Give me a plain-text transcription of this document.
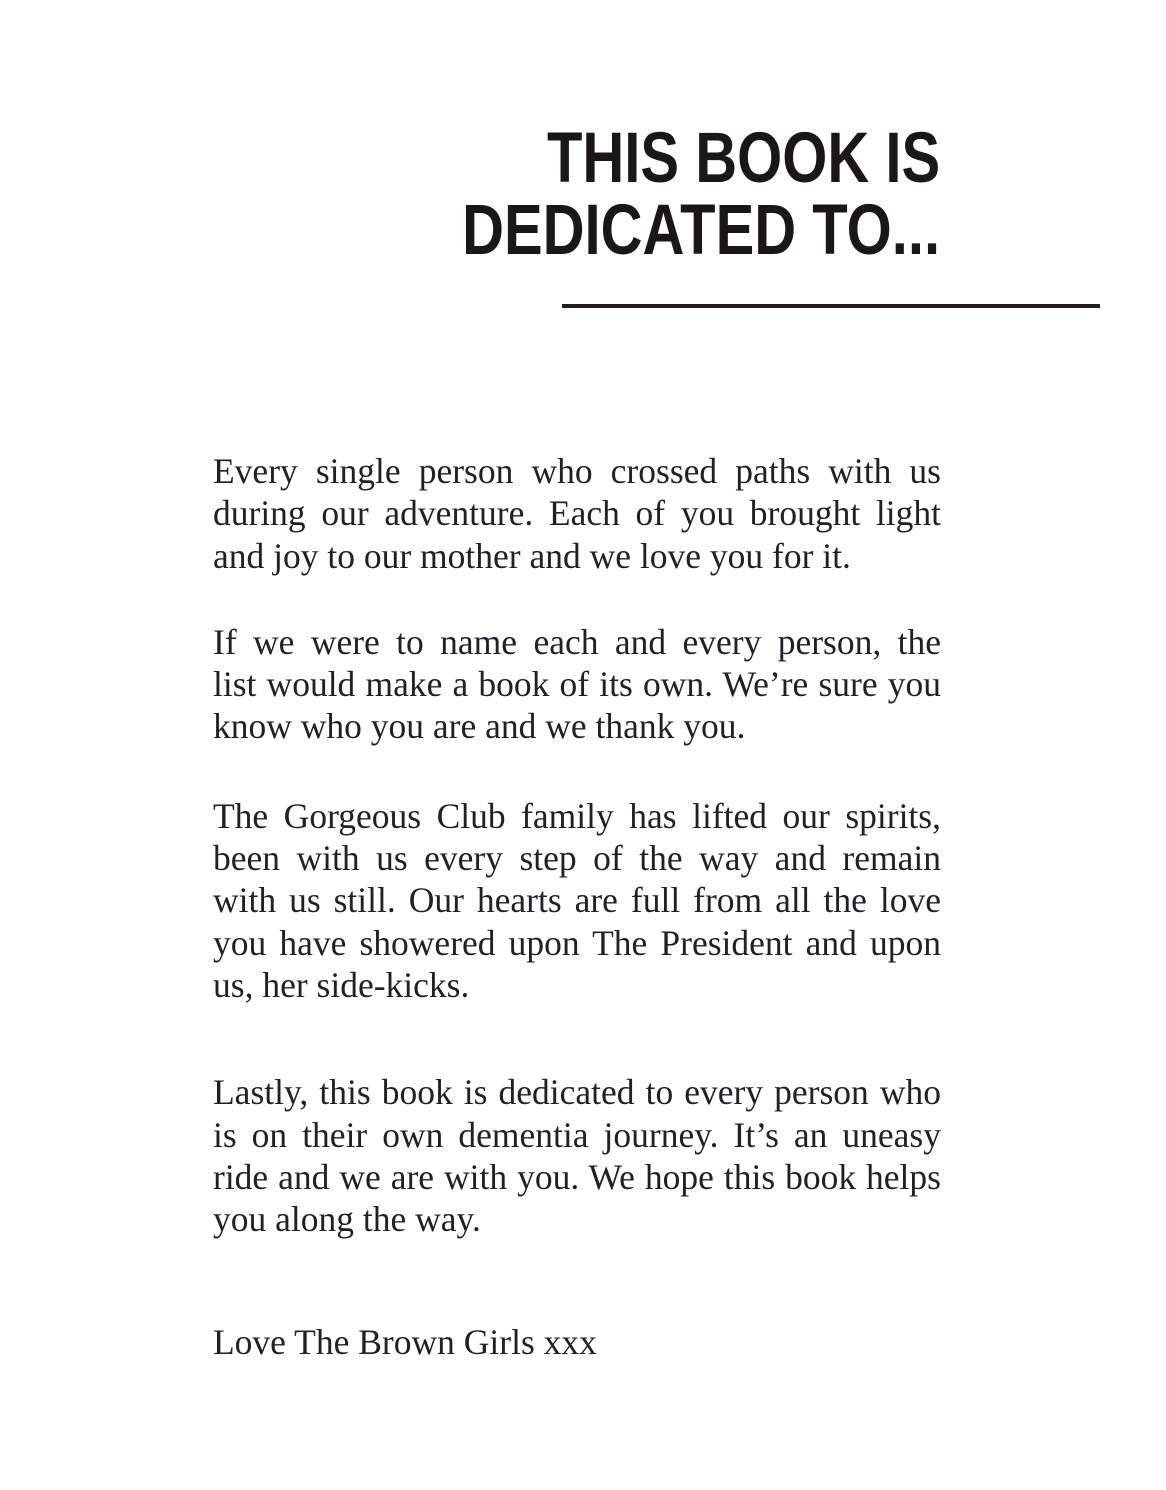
THIS BOOK IS
DEDICATED TO...
Every single person who crossed paths with us
during our adventure. Each of you brought light
and joy to our mother and we love you for it.
If we were to name each and every person, the
list would make a book of its own. We’re sure you
know who you are and we thank you.
The Gorgeous Club family has lifted our spirits,
been with us every step of the way and remain
with us still. Our hearts are full from all the love
you have showered upon The President and upon
us, her side-kicks.
Lastly, this book is dedicated to every person who
is on their own dementia journey. It’s an uneasy
ride and we are with you. We hope this book helps
you along the way.
Love The Brown Girls xxx
